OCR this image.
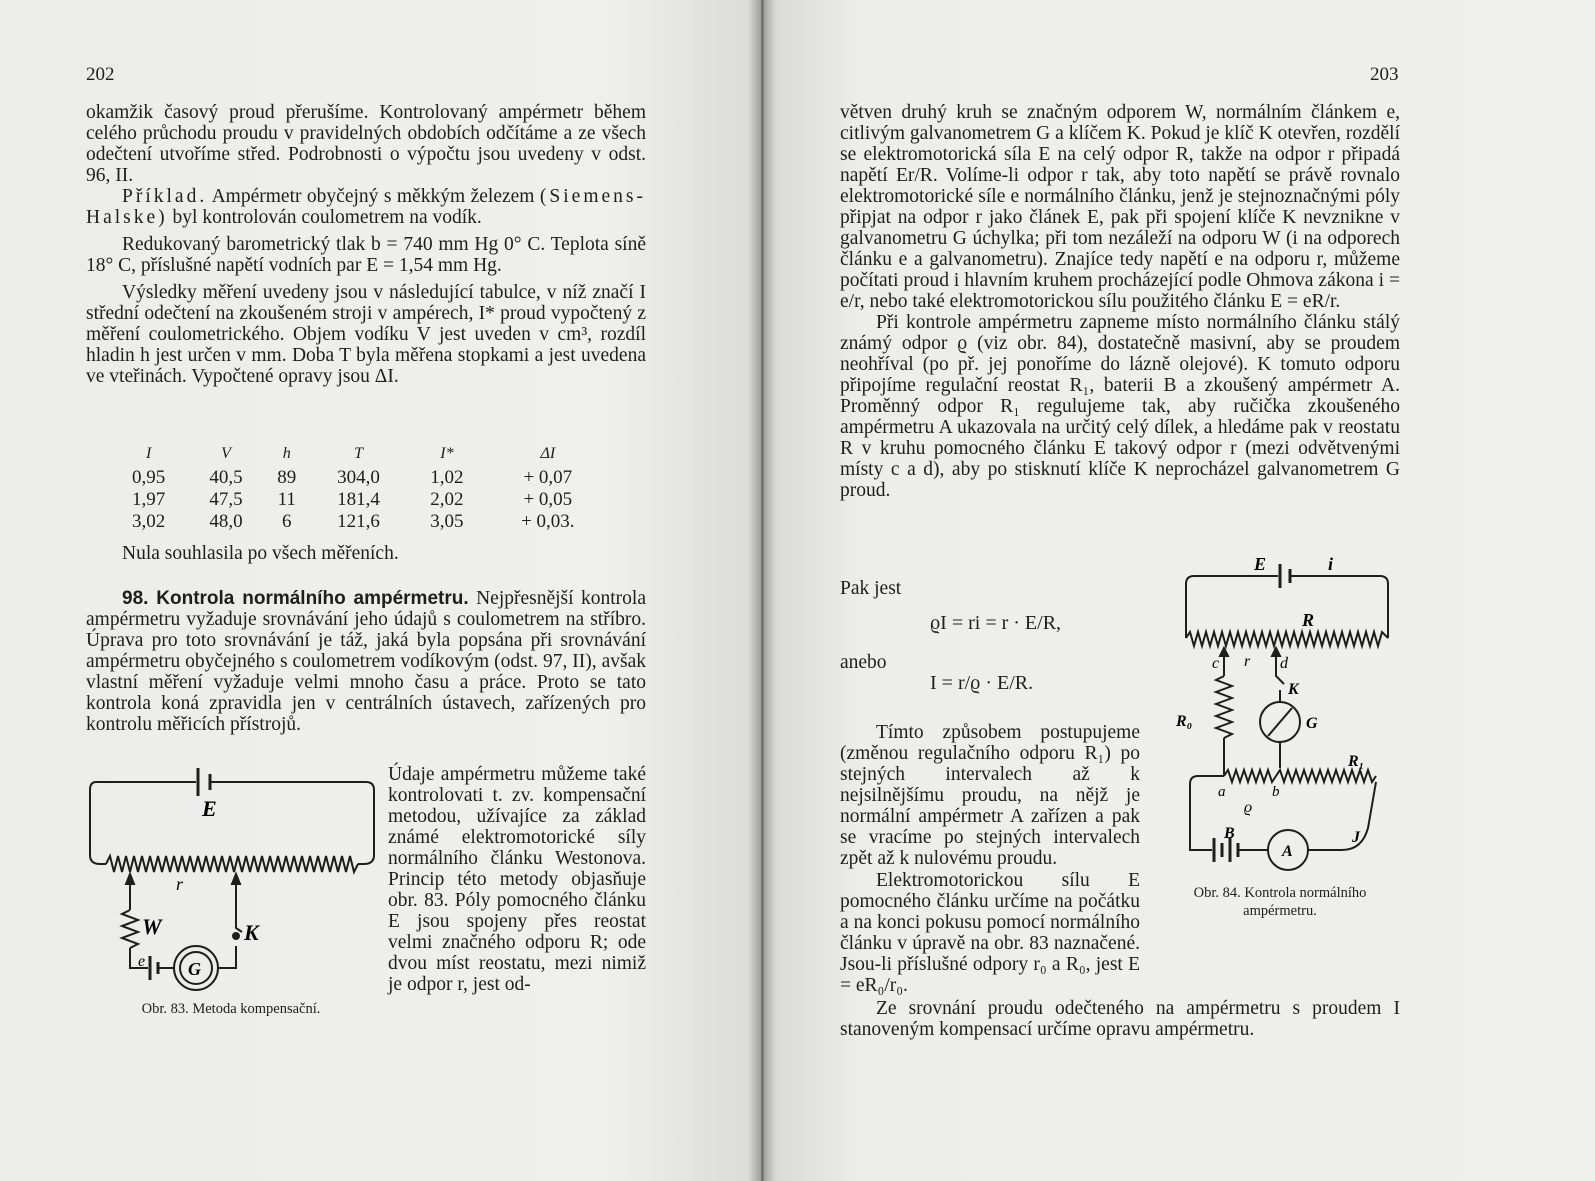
202

okamžik časový proud přerušíme. Kontrolovaný ampérmetr během celého průchodu proudu v pravidelných obdobích odčítáme a ze všech odečtení utvoříme střed. Podrobnosti o výpočtu jsou uvedeny v odst. 96, II.

Příklad. Ampérmetr obyčejný s měkkým železem (Siemens-Halske) byl kontrolován coulometrem na vodík.

Redukovaný barometrický tlak b = 740 mm Hg 0° C. Teplota síně 18° C, příslušné napětí vodních par E = 1,54 mm Hg.

Výsledky měření uvedeny jsou v následující tabulce, v níž značí I střední odečtení na zkoušeném stroji v ampérech, I* proud vypočtený z měření coulometrického. Objem vodíku V jest uveden v cm³, rozdíl hladin h jest určen v mm. Doba T byla měřena stopkami a jest uvedena ve vteřinách. Vypočtené opravy jsou ΔI.

I	V	h	T	I*	ΔI
0,95	40,5	89	304,0	1,02	+ 0,07
1,97	47,5	11	181,4	2,02	+ 0,05
3,02	48,0	6	121,6	3,05	+ 0,03.
Nula souhlasila po všech měřeních.

98. Kontrola normálního ampérmetru. Nejpřesnější kontrola ampérmetru vyžaduje srovnávání jeho údajů s coulometrem na stříbro. Úprava pro toto srovnávání je táž, jaká byla popsána při srovnávání ampérmetru obyčejného s coulometrem vodíkovým (odst. 97, II), avšak vlastní měření vyžaduje velmi mnoho času a práce. Proto se tato kontrola koná zpravidla jen v centrálních ústavech, zařízených pro kontrolu měřicích přístrojů.

E
r
W	K
e G
Obr. 83. Metoda kompensační.
Údaje ampérmetru můžeme také kontrolovati t. zv. kompensační metodou, užívajíce za základ známé elektromotorické síly normálního článku Westonova. Princip této metody objasňuje obr. 83. Póly pomocného článku E jsou spojeny přes reostat velmi značného odporu R; ode dvou míst reostatu, mezi nimiž je odpor r, jest od-
203

větven druhý kruh se značným odporem W, normálním článkem e, citlivým galvanometrem G a klíčem K. Pokud je klíč K otevřen, rozdělí se elektromotorická síla E na celý odpor R, takže na odpor r připadá napětí Er/R. Volíme-li odpor r tak, aby toto napětí se právě rovnalo elektromotorické síle e normálního článku, jenž je stejnoznačnými póly připjat na odpor r jako článek E, pak při spojení klíče K nevznikne v galvanometru G úchylka; při tom nezáleží na odporu W (i na odporech článku e a galvanometru). Znajíce tedy napětí e na odporu r, můžeme počítati proud i hlavním kruhem procházející podle Ohmova zákona i = e/r, nebo také elektromotorickou sílu použitého článku E = eR/r.

Při kontrole ampérmetru zapneme místo normálního článku stálý známý odpor ϱ (viz obr. 84), dostatečně masivní, aby se proudem neohříval (po př. jej ponoříme do lázně olejové). K tomuto odporu připojíme regulační reostat R₁, baterii B a zkoušený ampérmetr A. Proměnný odpor R₁ regulujeme tak, aby ručička zkoušeného ampérmetru A ukazovala na určitý celý dílek, a hledáme pak v reostatu R v kruhu pomocného článku E takový odpor r (mezi odvětvenými místy c a d), aby po stisknutí klíče K neprocházel galvanometrem G proud.

Pak jest
ϱI = ri = r · E/R,
anebo
I = r/ϱ · E/R.

Tímto způsobem postupujeme (změnou regulačního odporu R₁) po stejných intervalech až k nejsilnějšímu proudu, na nějž je normální ampérmetr A zařízen a pak se vracíme po stejných intervalech zpět až k nulovému proudu.

Elektromotorickou sílu E pomocného článku určíme na počátku a na konci pokusu pomocí normálního článku v úpravě na obr. 83 naznačené. Jsou-li příslušné odpory r₀ a R₀, jest E = eR₀/r₀.

Ze srovnání proudu odečteného na ampérmetru s proudem I stanoveným kompensací určíme opravu ampérmetru.

E	i
R
c r d
K
R₀	G
R₁
a	b
ϱ
B
A
J
Obr. 84. Kontrola normálního ampérmetru.
